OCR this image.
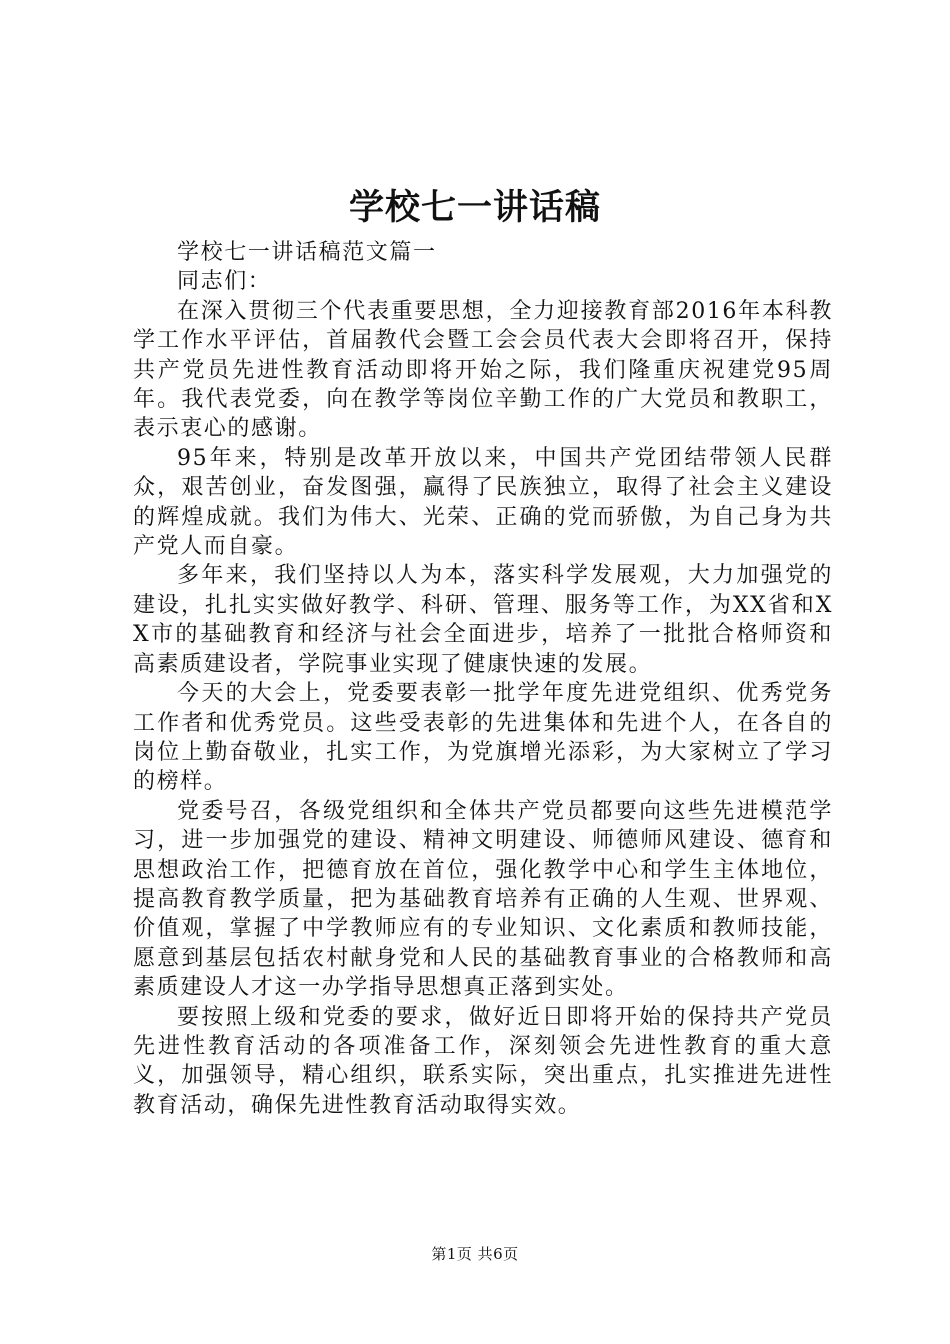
学校七一讲话稿

学校七一讲话稿范文篇一

同志们：

在深入贯彻三个代表重要思想，全力迎接教育部2016年本科教学工作水平评估，首届教代会暨工会会员代表大会即将召开，保持共产党员先进性教育活动即将开始之际，我们隆重庆祝建党95周年。我代表党委，向在教学等岗位辛勤工作的广大党员和教职工，表示衷心的感谢。

95年来，特别是改革开放以来，中国共产党团结带领人民群众，艰苦创业，奋发图强，赢得了民族独立，取得了社会主义建设的辉煌成就。我们为伟大、光荣、正确的党而骄傲，为自己身为共产党人而自豪。

多年来，我们坚持以人为本，落实科学发展观，大力加强党的建设，扎扎实实做好教学、科研、管理、服务等工作，为XX省和XX市的基础教育和经济与社会全面进步，培养了一批批合格师资和高素质建设者，学院事业实现了健康快速的发展。

今天的大会上，党委要表彰一批学年度先进党组织、优秀党务工作者和优秀党员。这些受表彰的先进集体和先进个人，在各自的岗位上勤奋敬业，扎实工作，为党旗增光添彩，为大家树立了学习的榜样。

党委号召，各级党组织和全体共产党员都要向这些先进模范学习，进一步加强党的建设、精神文明建设、师德师风建设、德育和思想政治工作，把德育放在首位，强化教学中心和学生主体地位，提高教育教学质量，把为基础教育培养有正确的人生观、世界观、价值观，掌握了中学教师应有的专业知识、文化素质和教师技能，愿意到基层包括农村献身党和人民的基础教育事业的合格教师和高素质建设人才这一办学指导思想真正落到实处。

要按照上级和党委的要求，做好近日即将开始的保持共产党员先进性教育活动的各项准备工作，深刻领会先进性教育的重大意义，加强领导，精心组织，联系实际，突出重点，扎实推进先进性教育活动，确保先进性教育活动取得实效。

第1页 共6页
